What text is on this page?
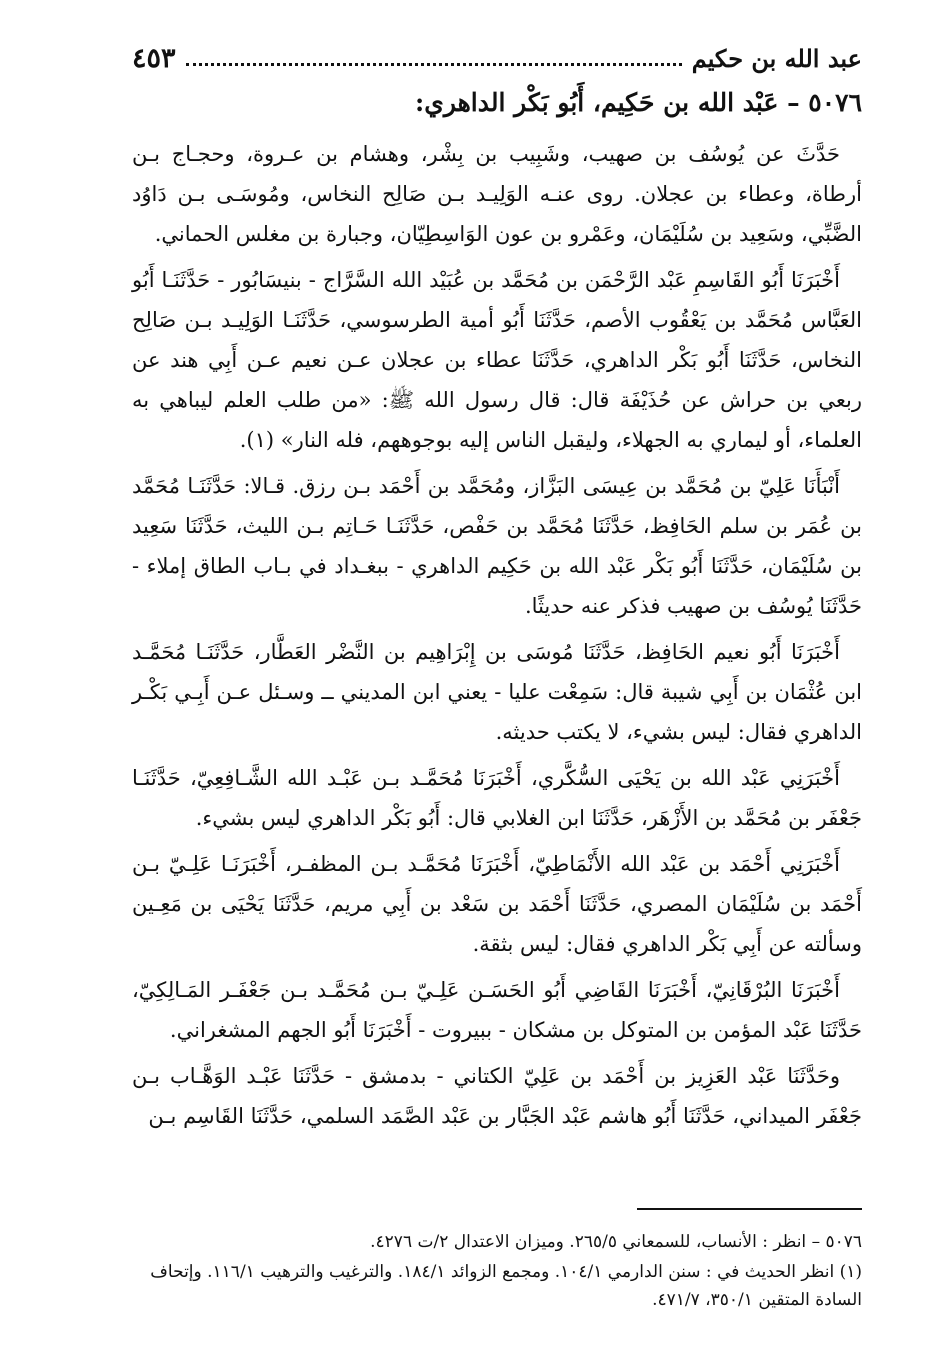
عبد الله بن حكيم
٤٥٣
٥٠٧٦ – عَبْد الله بن حَكِيم، أَبُو بَكْر الداهري:

حَدَّثَ عن يُوسُف بن صهيب، وشَبِيب بن بِشْر، وهشام بن عـروة، وحجـاج بـن أرطاة، وعطاء بن عجلان. روى عنـه الوَلِيـد بـن صَالِح النخاس، ومُوسَـى بـن دَاوُد الضَّبِّي، وسَعِيد بن سُلَيْمَان، وعَمْرو بن عون الوَاسِطِيّان، وجبارة بن مغلس الحماني.

أَخْبَرَنَا أَبُو القَاسِمِ عَبْد الرَّحْمَن بن مُحَمَّد بن عُبَيْد الله السَّرَّاج - بنيسَابُور - حَدَّثَنَـا أَبُو العَبَّاس مُحَمَّد بن يَعْقُوب الأصم، حَدَّثَنَا أَبُو أمية الطرسوسي، حَدَّثَنَـا الوَلِيـد بـن صَالِح النخاس، حَدَّثَنَا أَبُو بَكْر الداهري، حَدَّثَنَا عطاء بن عجلان عـن نعيم عـن أَبِي هند عن ربعي بن حراش عن حُذَيْفَة قال: قال رسول الله ﷺ: «من طلب العلم ليباهي به العلماء، أو ليماري به الجهلاء، وليقبل الناس إليه بوجوههم، فله النار» (١).

أَنْبَأَنَا عَلِيّ بن مُحَمَّد بن عِيسَى البَزَّاز، ومُحَمَّد بن أَحْمَد بـن رزق. قـالا: حَدَّثَنَـا مُحَمَّد بن عُمَر بن سلم الحَافِظ، حَدَّثَنَا مُحَمَّد بن حَفْص، حَدَّثَنَـا حَـاتِم بـن الليث، حَدَّثَنَا سَعِيد بن سُلَيْمَان، حَدَّثَنَا أَبُو بَكْر عَبْد الله بن حَكِيم الداهري - ببغـداد في بـاب الطاق إملاء - حَدَّثَنَا يُوسُف بن صهيب فذكر عنه حديثًا.

أَخْبَرَنَا أَبُو نعيم الحَافِظ، حَدَّثَنَا مُوسَى بن إِبْرَاهِيم بن النَّضْر العَطَّار، حَدَّثَنَـا مُحَمَّـد ابن عُثْمَان بن أَبِي شيبة قال: سَمِعْت عليا - يعني ابن المديني ــ وسـئل عـن أَبِـي بَكْـر الداهري فقال: ليس بشيء، لا يكتب حديثه.

أَخْبَرَنِي عَبْد الله بن يَحْيَى السُّكَّري، أَخْبَرَنَا مُحَمَّـد بـن عَبْـد الله الشَّـافِعِيّ، حَدَّثَنَـا جَعْفَر بن مُحَمَّد بن الأَزْهَر، حَدَّثَنَا ابن الغلابي قال: أَبُو بَكْر الداهري ليس بشيء.

أَخْبَرَنِي أَحْمَد بن عَبْد الله الأَنْمَاطِيّ، أَخْبَرَنَا مُحَمَّـد بـن المظفـر، أَخْبَرَنَـا عَلِـيّ بـن أَحْمَد بن سُلَيْمَان المصري، حَدَّثَنَا أَحْمَد بن سَعْد بن أَبِي مريم، حَدَّثَنَا يَحْيَى بن مَعِـين وسألته عن أَبِي بَكْر الداهري فقال: ليس بثقة.

أَخْبَرَنَا البُرْقَانِيّ، أَخْبَرَنَا القَاضِي أَبُو الحَسَـن عَلِـيّ بـن مُحَمَّـد بـن جَعْفَـر المَـالِكِيّ، حَدَّثَنَا عَبْد المؤمن بن المتوكل بن مشكان - ببيروت - أَخْبَرَنَا أَبُو الجهم المشغراني.

وحَدَّثَنَا عَبْد العَزِيز بن أَحْمَد بن عَلِيّ الكتاني - بدمشق - حَدَّثَنَا عَبْـد الوَهَّـاب بـن جَعْفَر الميداني، حَدَّثَنَا أَبُو هاشم عَبْد الجَبَّار بن عَبْد الصَّمَد السلمي، حَدَّثَنَا القَاسِم بـن

٥٠٧٦ – انظر : الأنساب، للسمعاني ٢٦٥/٥. وميزان الاعتدال ٢/ت ٤٢٧٦.

(١) انظر الحديث في : سنن الدارمي ١٠٤/١. ومجمع الزوائد ١٨٤/١. والترغيب والترهيب ١١٦/١. وإتحاف السادة المتقين ٣٥٠/١، ٤٧١/٧.
